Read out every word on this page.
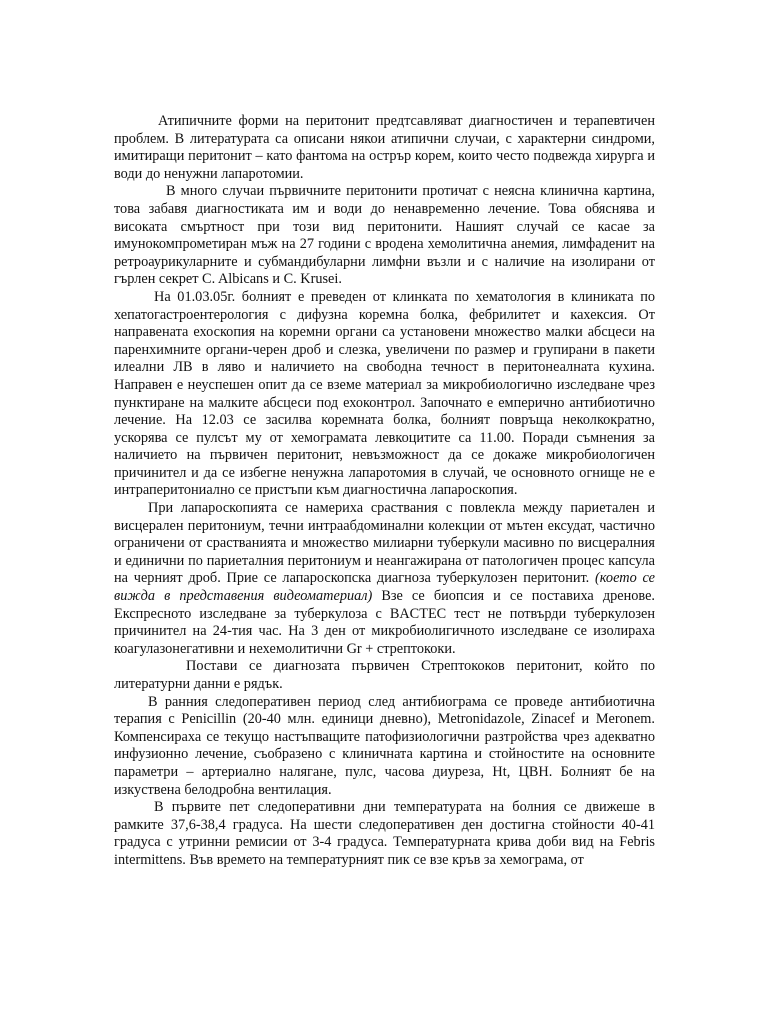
Атипичните форми на перитонит предтсавляват диагностичен и терапевтичен проблем. В литературата са описани някои атипични случаи, с характерни синдроми, имитиращи перитонит – като фантома на острър корем, които често подвежда хирурга и води до ненужни лапаротомии.

В много случаи първичните перитонити протичат с неясна клинична картина, това забавя диагностиката им и води до ненавременно лечение. Това обяснява и високата смъртност при този вид перитонити. Нашият случай се касае за имунокомпрометиран мъж на 27 години с вродена хемолитична анемия, лимфаденит на ретроаурикуларните и субмандибуларни лимфни възли и с наличие на изолирани от гърлен секрет C. Albicans и C. Krusei.

На 01.03.05г. болният е преведен от клинката по хематология в клиниката по хепатогастроентерология с дифузна коремна болка, фебрилитет и кахексия. От направената ехоскопия на коремни органи са установени множество малки абсцеси на паренхимните органи-черен дроб и слезка, увеличени по размер и групирани в пакети илеални ЛВ в ляво и наличието на свободна течност в перитонеалната кухина. Направен е неуспешен опит да се вземе материал за микробиологично изследване чрез пунктиране на малките абсцеси под ехоконтрол. Започнато е емперично антибиотично лечение. На 12.03 се засилва коремната болка, болният повръща неколкократно, ускорява се пулсът му от хемограмата левкоцитите са 11.00. Поради съмнения за наличието на първичен перитонит, невъзможност да се докаже микробиологичен причинител и да се избегне ненужна лапаротомия в случай, че основното огнище не е интраперитониално се пристъпи към диагностична лапароскопия.

При лапароскопията се намериха сраствания с повлекла между париетален и висцерален перитониум, течни интраабдоминални колекции от мътен ексудат, частично ограничени от срастванията и множество милиарни туберкули масивно по висцералния и единични по париеталния перитониум и неангажирана от патологичен процес капсула на черният дроб. Прие се лапароскопска диагноза туберкулозен перитонит. (което се вижда в представения видеоматериал) Взе се биопсия и се поставиха дренове. Експресното изследване за туберкулоза с BACTEC тест не потвърди туберкулозен причинител на 24-тия час. На 3 ден от микробиолигичното изследване се изолираха коагулазонегативни и нехемолитични Gr + стрептококи.

Постави се диагнозата първичен Стрептококов перитонит, който по литературни данни е рядък.

В ранния следоперативен период след антибиограма се проведе антибиотична терапия с Penicillin (20-40 млн. единици дневно), Metronidazole, Zinacef и Meronem. Компенсираха се текущо настъпващите патофизиологични разтройства чрез адекватно инфузионно лечение, съобразено с клиничната картина и стойностите на основните параметри – артериално налягане, пулс, часова диуреза, Ht, ЦВН. Болният бе на изкуствена белодробна вентилация.

В първите пет следоперативни дни температурата на болния се движеше в рамките 37,6-38,4 градуса. На шести следоперативен ден достигна стойности 40-41 градуса с утринни ремисии от 3-4 градуса. Температурната крива доби вид на Febris intermittens. Във времето на температурният пик се взе кръв за хемограма, от
